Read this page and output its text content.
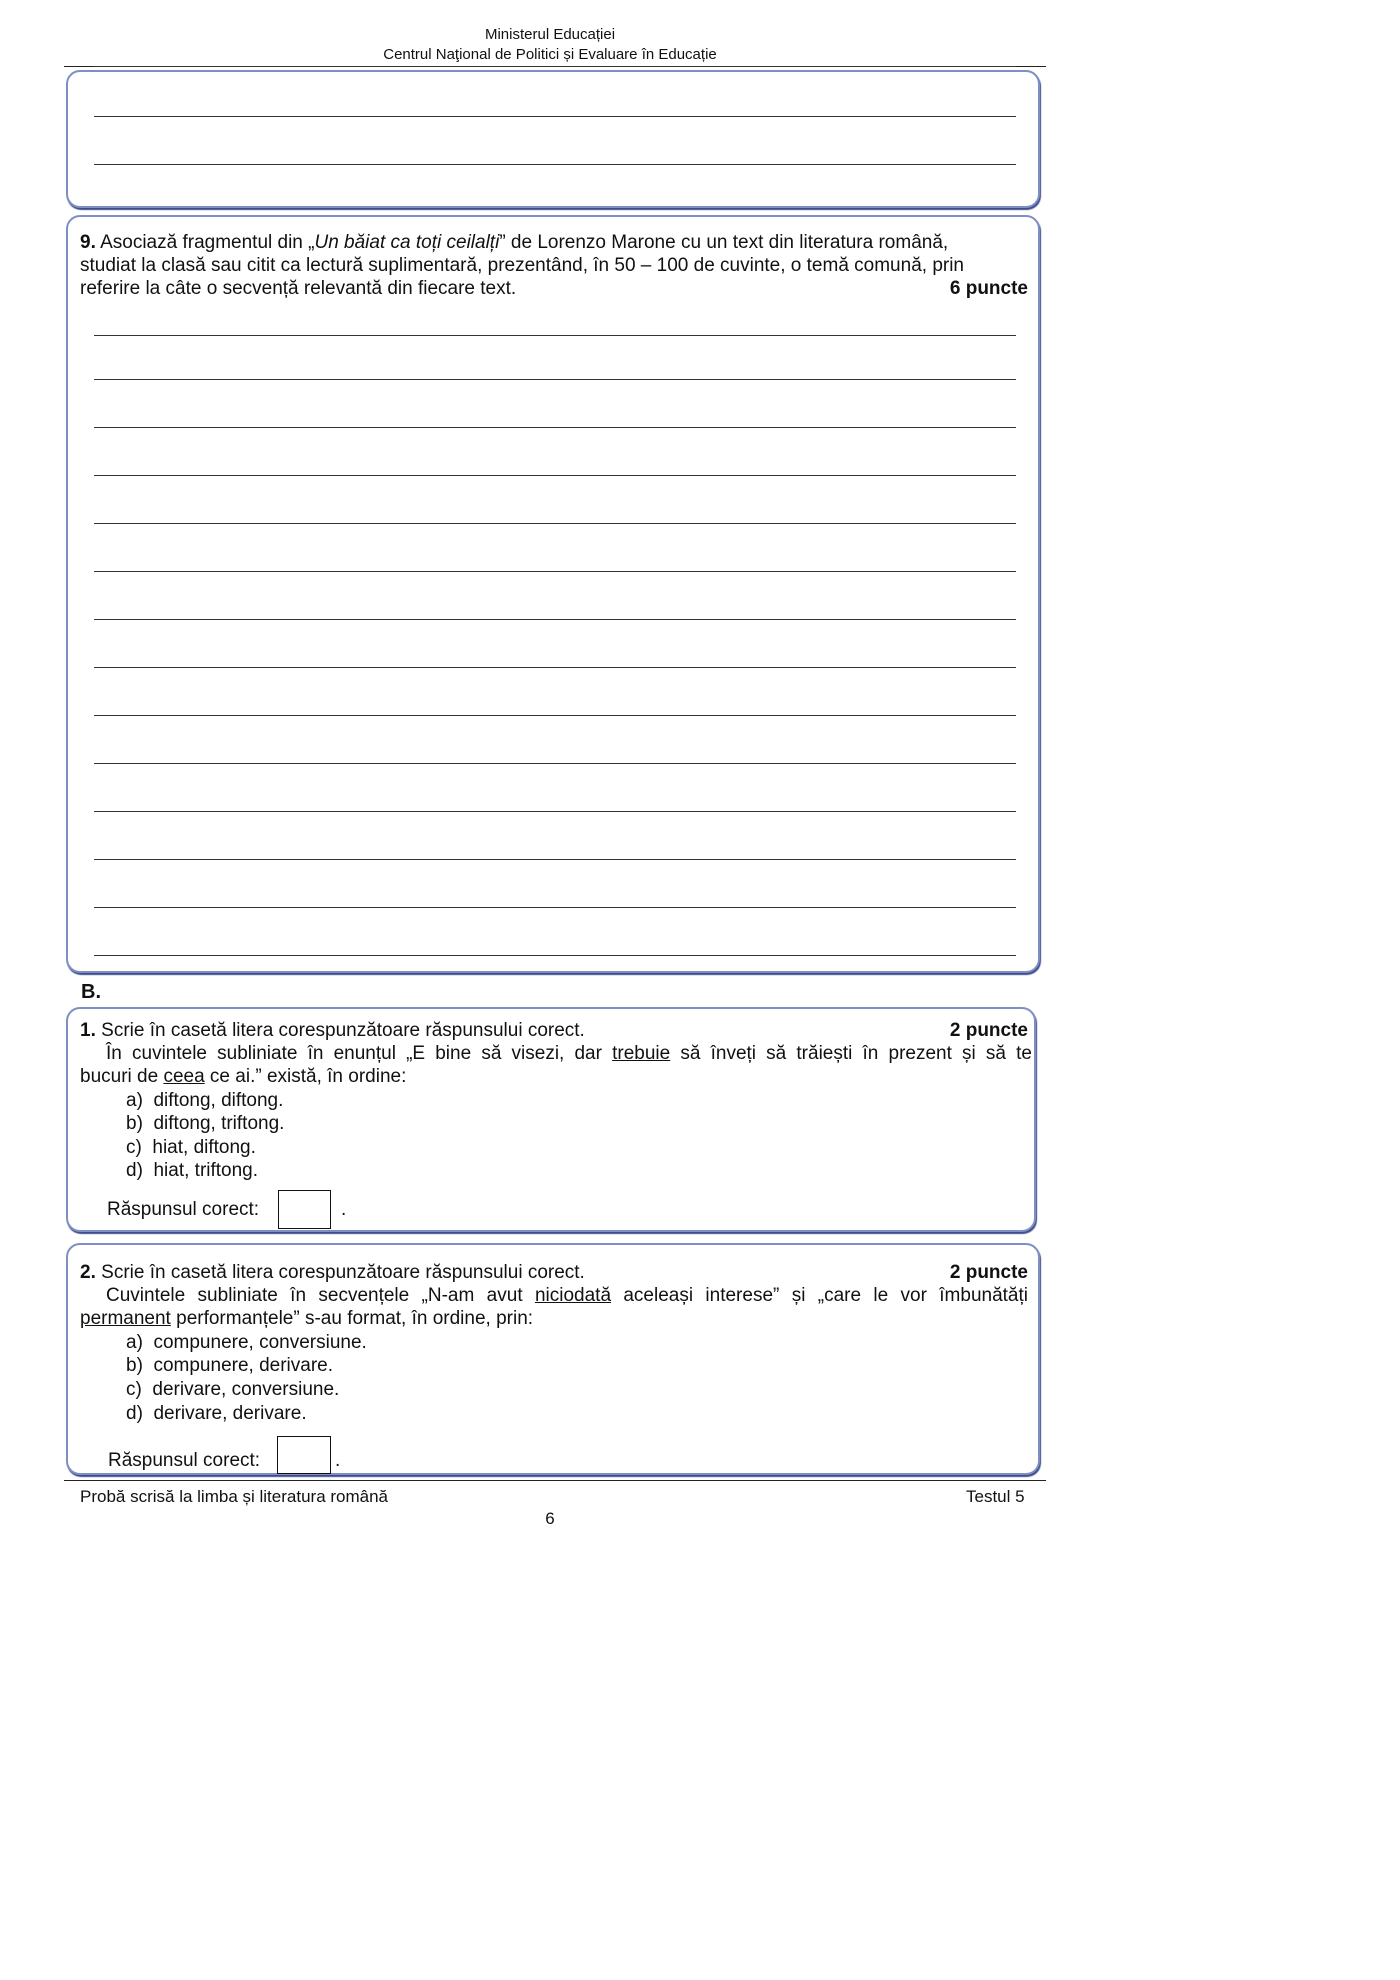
Ministerul Educației
Centrul Naţional de Politici și Evaluare în Educație
9. Asociază fragmentul din „Un băiat ca toți ceilalți” de Lorenzo Marone cu un text din literatura română,
studiat la clasă sau citit ca lectură suplimentară, prezentând, în 50 – 100 de cuvinte, o temă comună, prin
referire la câte o secvență relevantă din fiecare text.	6 puncte
B.
1. Scrie în casetă litera corespunzătoare răspunsului corect.	2 puncte
În cuvintele subliniate în enunțul „E bine să visezi, dar trebuie să înveți să trăiești în prezent și să te
bucuri de ceea ce ai.” există, în ordine:
a) diftong, diftong.
b) diftong, triftong.
c) hiat, diftong.
d) hiat, triftong.
Răspunsul corect:	.
2. Scrie în casetă litera corespunzătoare răspunsului corect.	2 puncte
Cuvintele subliniate în secvențele „N-am avut niciodată aceleași interese” și „care le vor îmbunătăți
permanent performanțele” s-au format, în ordine, prin:
a) compunere, conversiune.
b) compunere, derivare.
c) derivare, conversiune.
d) derivare, derivare.
Răspunsul corect:	.
Probă scrisă la limba și literatura română	Testul 5
6
